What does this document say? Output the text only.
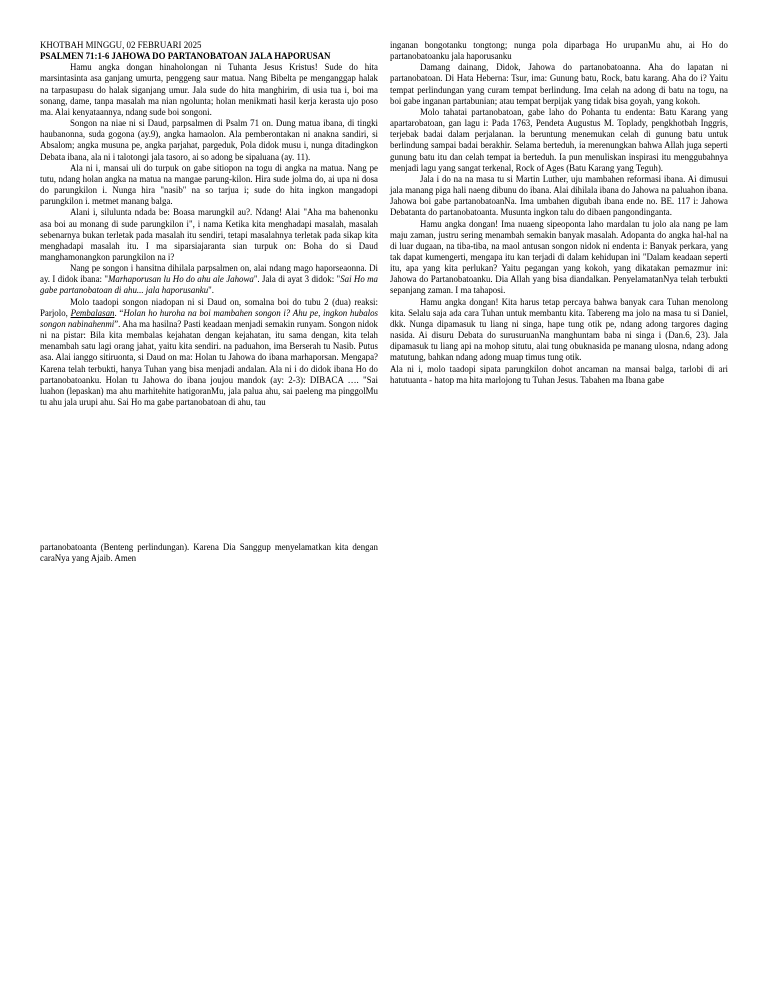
KHOTBAH MINGGU, 02 FEBRUARI 2025

PSALMEN 71:1-6 JAHOWA DO PARTANOBATOAN JALA HAPORUSAN

Hamu angka dongan hinaholongan ni Tuhanta Jesus Kristus! Sude do hita marsintasinta asa ganjang umurta, penggeng saur matua. Nang Bibelta pe menganggap halak na tarpasupasu do halak siganjang umur. Jala sude do hita manghirim, di usia tua i, boi ma sonang, dame, tanpa masalah ma nian ngolunta; holan menikmati hasil kerja kerasta ujo poso ma. Alai kenyataannya, ndang sude boi songoni.

Songon na niae ni si Daud, parpsalmen di Psalm 71 on. Dung matua ibana, di tingki haubanonna, suda gogona (ay.9), angka hamaolon. Ala pemberontakan ni anakna sandiri, si Absalom; angka musuna pe, angka parjahat, pargeduk, Pola didok musu i, nunga ditadingkon Debata ibana, ala ni i talotongi jala tasoro, ai so adong be sipaluana (ay. 11).

Ala ni i, mansai uli do turpuk on gabe sitiopon na togu di angka na matua. Nang pe tutu, ndang holan angka na matua na mangae parung-kilon. Hira sude jolma do, ai upa ni dosa do parungkilon i. Nunga hira "nasib" na so tarjua i; sude do hita ingkon mangadopi parungkilon i. metmet manang balga.

Alani i, silulunta ndada be: Boasa marungkil au?. Ndang! Alai "Aha ma bahenonku asa boi au monang di sude parungkilon i", i nama Ketika kita menghadapi masalah, masalah sebenarnya bukan terletak pada masalah itu sendiri, tetapi masalahnya terletak pada sikap kita menghadapi masalah itu. I ma siparsiajaranta sian turpuk on: Boha do si Daud manghamonangkon parungkilon na i?

Nang pe songon i hansitna dihilala parpsalmen on, alai ndang mago haporseaonna. Di ay. I didok ibana: "Marhaporusan lu Ho do ahu ale Jahowa". Jala di ayat 3 didok: "Sai Ho ma gabe partanobatoan di ahu... jala haporusanku".

Molo taadopi songon niadopan ni si Daud on, somalna boi do tubu 2 (dua) reaksi: Parjolo, Pembalasan. “Holan ho huroha na boi mambahen songon i? Ahu pe, ingkon hubalos songon nabinahenmi”. Aha ma hasilna? Pasti keadaan menjadi semakin runyam. Songon nidok ni na pistar: Bila kita membalas kejahatan dengan kejahatan, itu sama dengan, kita telah menambah satu lagi orang jahat, yaitu kita sendiri. na paduahon, ima Berserah tu Nasib. Putus asa. Alai ianggo sitiruonta, si Daud on ma: Holan tu Jahowa do ibana marhaporsan. Mengapa? Karena telah terbukti, hanya Tuhan yang bisa menjadi andalan. Ala ni i do didok ibana Ho do partanobatoanku. Holan tu Jahowa do ibana joujou mandok (ay: 2-3): DIBACA …. "Sai luahon (lepaskan) ma ahu marhitehite hatigoranMu, jala palua ahu, sai paeleng ma pinggolMu tu ahu jala urupi ahu. Sai Ho ma gabe partanobatoan di ahu, tau

inganan bongotanku tongtong; nunga pola diparbaga Ho urupanMu ahu, ai Ho do partanobatoanku jala haporusanku

Damang dainang, Didok, Jahowa do partanobatoanna. Aha do lapatan ni partanobatoan. Di Hata Heberna: Tsur, ima: Gunung batu, Rock, batu karang. Aha do i? Yaitu tempat perlindungan yang curam tempat berlindung. Ima celah na adong di batu na togu, na boi gabe inganan partabunian; atau tempat berpijak yang tidak bisa goyah, yang kokoh.

Molo tahatai partanobatoan, gabe laho do Pohanta tu endenta: Batu Karang yang apartarobatoan, gan lagu i: Pada 1763, Pendeta Augustus M. Toplady, pengkhotbah Inggris, terjebak badai dalam perjalanan. la beruntung menemukan celah di gunung batu untuk berlindung sampai badai berakhir. Selama berteduh, ia merenungkan bahwa Allah juga seperti gunung batu itu dan celah tempat ia berteduh. Ia pun menuliskan inspirasi itu menggubahnya menjadi lagu yang sangat terkenal, Rock of Ages (Batu Karang yang Teguh).

Jala i do na na masa tu si Martin Luther, uju mambahen reformasi ibana. Ai dimusui jala manang piga hali naeng dibunu do ibana. Alai dihilala ibana do Jahowa na paluahon ibana. Jahowa boi gabe partanobatoanNa. Ima umbahen digubah ibana ende no. BE. 117 i: Jahowa Debatanta do partanobatoanta. Musunta ingkon talu do dibaen pangondinganta.

Hamu angka dongan! Ima nuaeng sipeoponta laho mardalan tu jolo ala nang pe lam maju zaman, justru sering menambah semakin banyak masalah. Adopanta do angka hal-hal na di luar dugaan, na tiba-tiba, na maol antusan songon nidok ni endenta i: Banyak perkara, yang tak dapat kumengerti, mengapa itu kan terjadi di dalam kehidupan ini "Dalam keadaan seperti itu, apa yang kita perlukan? Yaitu pegangan yang kokoh, yang dikatakan pemazmur ini: Jahowa do Partanobatoanku. Dia Allah yang bisa diandalkan. PenyelamatanNya telah terbukti sepanjang zaman. I ma tahaposi.

Hamu angka dongan! Kita harus tetap percaya bahwa banyak cara Tuhan menolong kita. Selalu saja ada cara Tuhan untuk membantu kita. Tabereng ma jolo na masa tu si Daniel, dkk. Nunga dipamasuk tu liang ni singa, hape tung otik pe, ndang adong targores daging nasida. Ai disuru Debata do surusuruanNa manghuntam baba ni singa i (Dan.6, 23). Jala dipamasuk tu liang api na mohop situtu, alai tung obuknasida pe manang ulosna, ndang adong matutung, bahkan ndang adong muap timus tung otik.

Ala ni i, molo taadopi sipata parungkilon dohot ancaman na mansai balga, tarlobi di ari hatutuanta - hatop ma hita marlojong tu Tuhan Jesus. Tabahen ma Ibana gabe

partanobatoanta (Benteng perlindungan). Karena Dia Sanggup menyelamatkan kita dengan caraNya yang Ajaib. Amen
